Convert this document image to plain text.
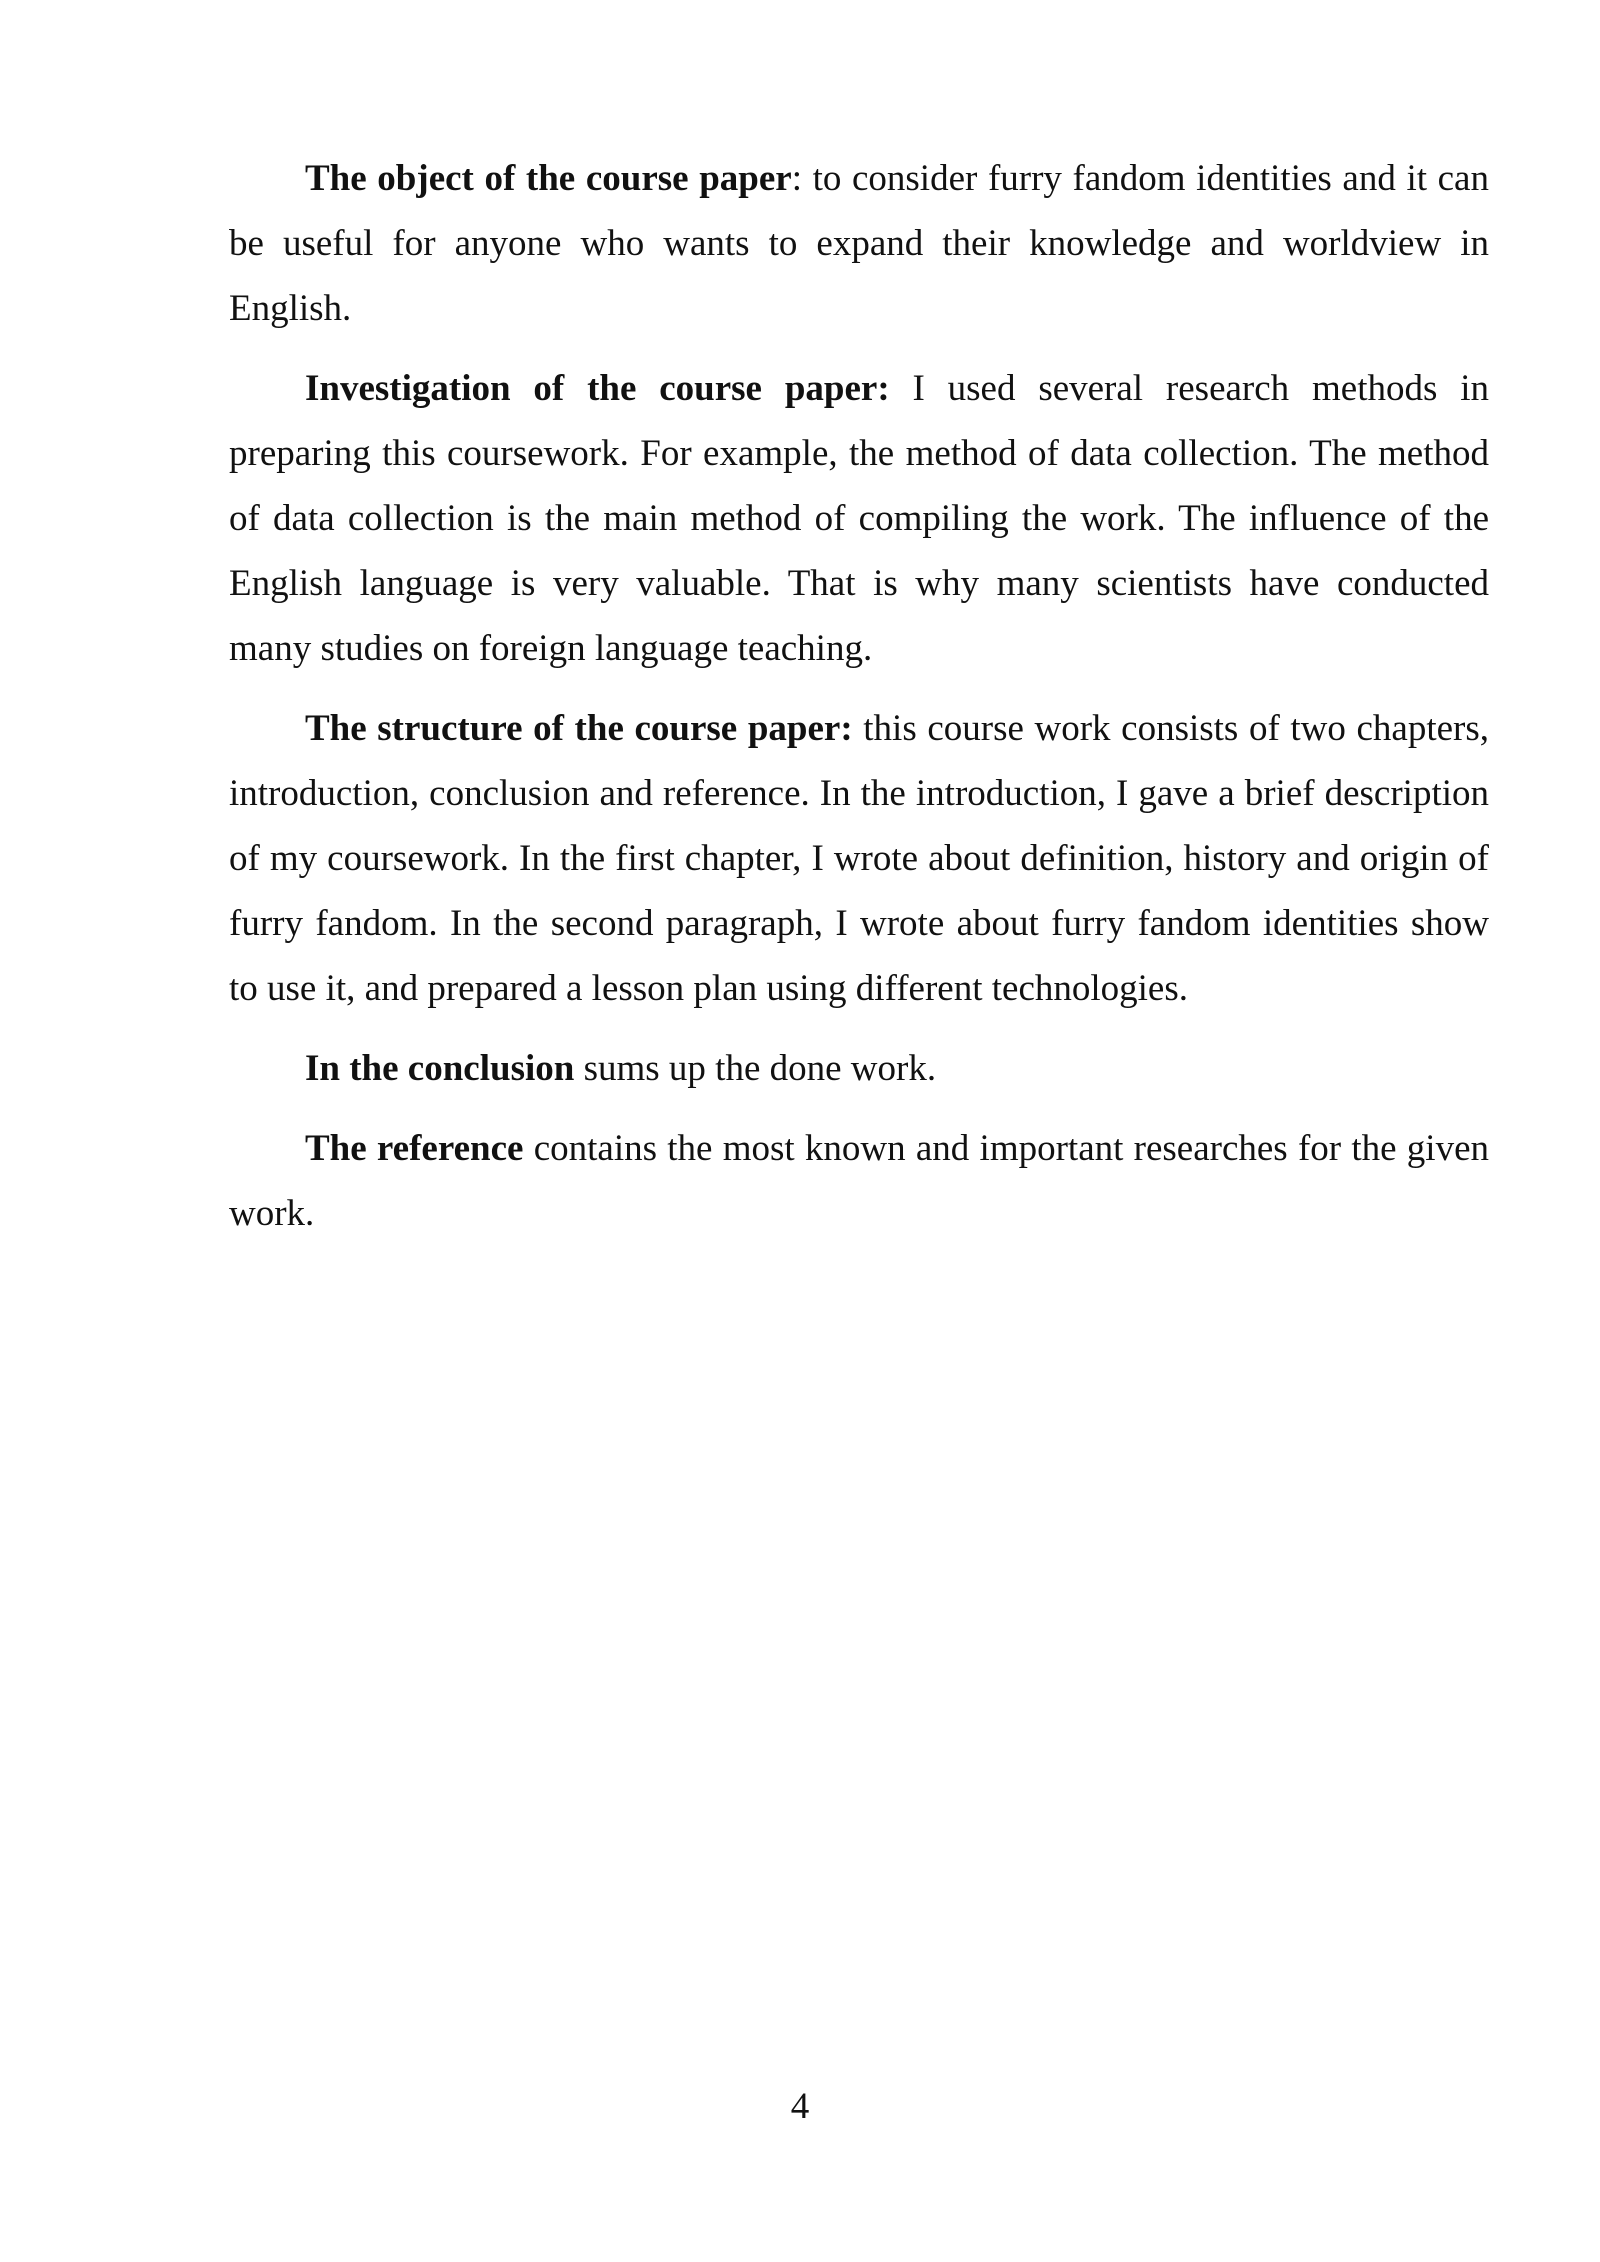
The object of the course paper: to consider furry fandom identities and it can be useful for anyone who wants to expand their knowledge and worldview in English.

Investigation of the course paper: I used several research methods in preparing this coursework. For example, the method of data collection. The method of data collection is the main method of compiling the work. The influence of the English language is very valuable. That is why many scientists have conducted many studies on foreign language teaching.

The structure of the course paper: this course work consists of two chapters, introduction, conclusion and reference. In the introduction, I gave a brief description of my coursework. In the first chapter, I wrote about definition, history and origin of furry fandom. In the second paragraph, I wrote about furry fandom identities show to use it, and prepared a lesson plan using different technologies.

In the conclusion sums up the done work.

The reference contains the most known and important researches for the given work.

4
